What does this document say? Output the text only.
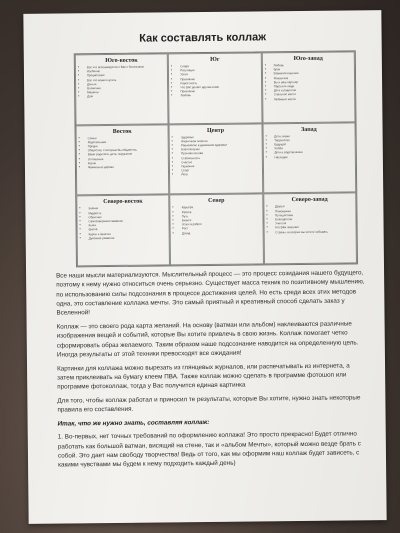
Как составлять коллаж
Юго-восток
• Все что ассоциируется с Вас с богатством
• Изобилие
• Процветание
• Все что можно купить
• Деньги
• Вложения
• Машины
• Дом
Юг
• Слава
• Репутация
• Успех
• Признание
• Известность
• Что Вас делает другим в вас
• Признание
• Любовь
Юго-запад
• Любовь
• Брак
• Взаимоотношения
• Романтика
• Вы и ваш партнер
• Пара или люди
• Дети и родители
• Спальное место
• Любимые места
Восток
• Семья
• Родственники
• Предки
• Общество, с которым Вы общаетесь
• Ваши родители, дети, окружение
• Отношения
• Корни
• Фамильное дерево
Центр
• Здоровье
• Жизненная энергия
• Равновесие в душевном здоровье
• Благополучие
• Прочная основа
• Стабильность
• Счастье
• Гармония
• Спорт
• Йога
Запад
• Дети, внуки
• Творчество
• Будущее
• Хобби
• Дети и родственники
• Наследие
Северо-восток
• Знания
• Мудрость
• Обучение
• Самосовершенствование
• Книги
• Школа
• Курсы и занятия
• Духовное развитие
Север
• Карьера
• Работа
• Путь
• Бизнес
• Успех в работе
• Рост
• Доход
Северо-запад
• Друзья
• Помощники
• Путешествия
• Благодетели
• Учителя
• Кто Вам помогает
• Страны, в которых вы хотите побывать

Все наши мысли материализуются. Мыслительный процесс — это процесс созидания нашего будущего, поэтому к нему нужно относиться очень серьезно. Существует масса техник по позитивному мышлению, по использованию силы подсознания в процессе достижения целей. Но есть среди всех этих методов одна, это составление коллажа мечты. Это самый приятный и креативный способ сделать заказ у Вселенной!

Коллаж — это своего рода карта желаний. На основу (ватман или альбом) наклеиваются различные изображения вещей и событий, которые Вы хотите привлечь в свою жизнь. Коллаж помогает четко сформировать образ желаемого. Таким образом наше подсознание наводится на определенную цель. Иногда результаты от этой техники превосходят все ожидания!

Картинки для коллажа можно вырезать из глянцевых журналов, или распечатывать из интернета, а затем приклеивать на бумагу клеем ПВА. Также коллаж можно сделать в программе фотошоп или программе фотоколлаж, тогда у Вас получится единая картинка

Для того, чтобы коллаж работал и приносил те результаты, которые Вы хотите, нужно знать некоторые правила его составления.

Итак, что же нужно знать, составляя коллаж:

1. Во-первых, нет точных требований по оформлению коллажа! Это просто прекрасно! Будет отлично работать как большой ватман, висящий на стене, так и «альбом Мечты», который можно везде брать с собой. Это дает нам свободу творчества! Ведь от того, как мы оформим наш коллаж будет зависеть, с какими чувствами мы будем к нему подходить каждый день)
